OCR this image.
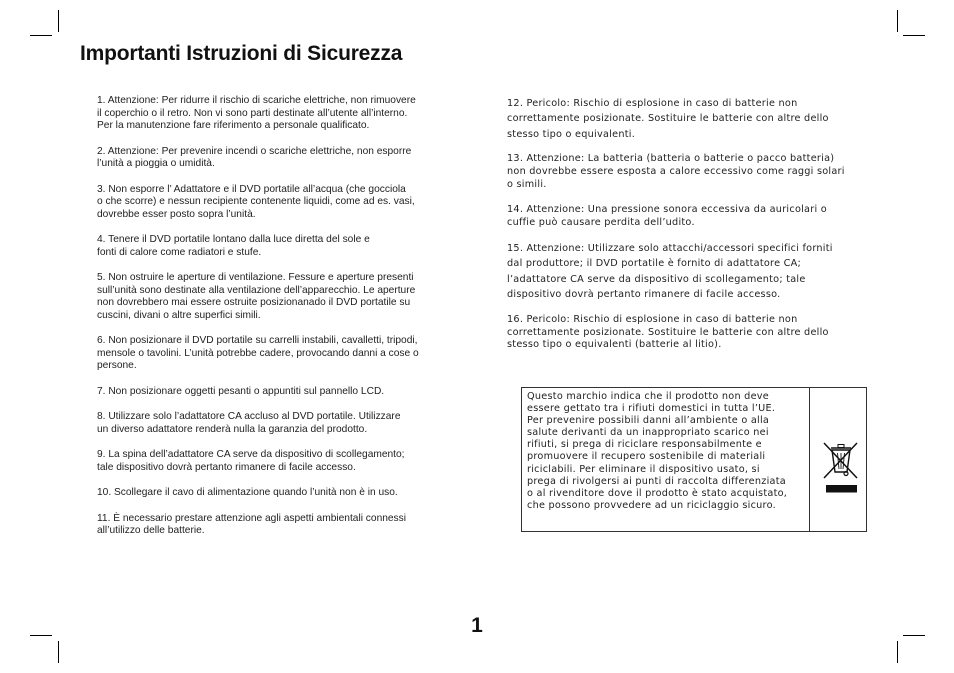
Importanti Istruzioni di Sicurezza

1. Attenzione: Per ridurre il rischio di scariche elettriche, non rimuovere
il coperchio o il retro. Non vi sono parti destinate all’utente all’interno.
Per la manutenzione fare riferimento a personale qualificato.

2. Attenzione: Per prevenire incendi o scariche elettriche, non esporre
l’unità a pioggia o umidità.

3. Non esporre l’ Adattatore e il DVD portatile all’acqua (che gocciola
o che scorre) e nessun recipiente contenente liquidi, come ad es. vasi,
dovrebbe esser posto sopra l’unità.

4. Tenere il DVD portatile lontano dalla luce diretta del sole e
fonti di calore come radiatori e stufe.

5. Non ostruire le aperture di ventilazione. Fessure e aperture presenti
sull’unità sono destinate alla ventilazione dell’apparecchio. Le aperture
non dovrebbero mai essere ostruite posizionanado il DVD portatile su
cuscini, divani o altre superfici simili.

6. Non posizionare il DVD portatile su carrelli instabili, cavalletti, tripodi,
mensole o tavolini. L’unità potrebbe cadere, provocando danni a cose o
persone.

7. Non posizionare oggetti pesanti o appuntiti sul pannello LCD.

8. Utilizzare solo l’adattatore CA accluso al DVD portatile. Utilizzare
un diverso adattatore renderà nulla la garanzia del prodotto.

9. La spina dell’adattatore CA serve da dispositivo di scollegamento;
tale dispositivo dovrà pertanto rimanere di facile accesso.

10. Scollegare il cavo di alimentazione quando l’unità non è in uso.

11. È necessario prestare attenzione agli aspetti ambientali connessi
all’utilizzo delle batterie.

12. Pericolo: Rischio di esplosione in caso di batterie non
correttamente posizionate. Sostituire le batterie con altre dello
stesso tipo o equivalenti.

13. Attenzione: La batteria (batteria o batterie o pacco batteria)
non dovrebbe essere esposta a calore eccessivo come raggi solari
o simili.

14. Attenzione: Una pressione sonora eccessiva da auricolari o
cuffie può causare perdita dell’udito.

15. Attenzione: Utilizzare solo attacchi/accessori specifici forniti
dal produttore; il DVD portatile è fornito di adattatore CA;
l’adattatore CA serve da dispositivo di scollegamento; tale
dispositivo dovrà pertanto rimanere di facile accesso.

16. Pericolo: Rischio di esplosione in caso di batterie non
correttamente posizionate. Sostituire le batterie con altre dello
stesso tipo o equivalenti (batterie al litio).

Questo marchio indica che il prodotto non deve
essere gettato tra i rifiuti domestici in tutta l’UE.
Per prevenire possibili danni all’ambiente o alla
salute derivanti da un inappropriato scarico nei
rifiuti, si prega di riciclare responsabilmente e
promuovere il recupero sostenibile di materiali
riciclabili. Per eliminare il dispositivo usato, si
prega di rivolgersi ai punti di raccolta differenziata
o al rivenditore dove il prodotto è stato acquistato,
che possono provvedere ad un riciclaggio sicuro.

1
